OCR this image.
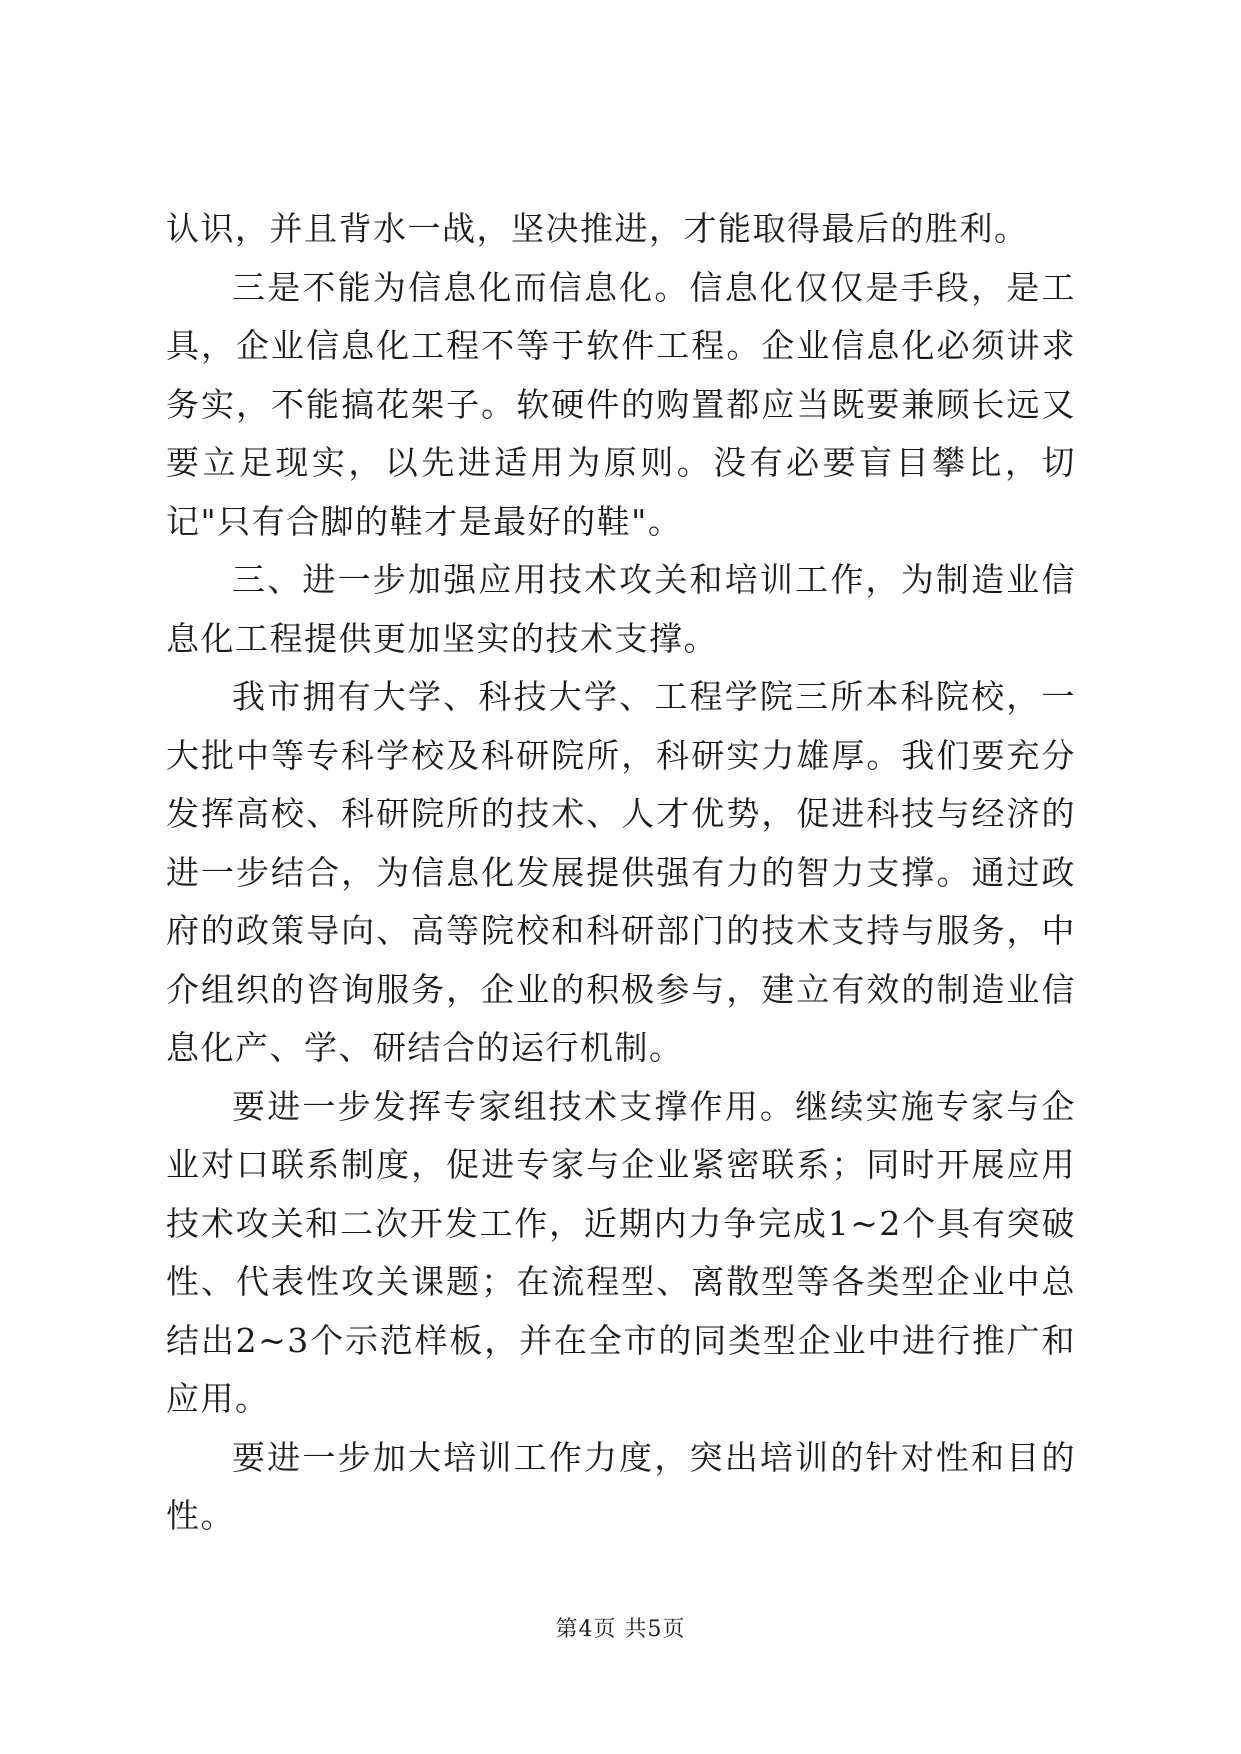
认识，并且背水一战，坚决推进，才能取得最后的胜利。

三是不能为信息化而信息化。信息化仅仅是手段，是工具，企业信息化工程不等于软件工程。企业信息化必须讲求务实，不能搞花架子。软硬件的购置都应当既要兼顾长远又要立足现实，以先进适用为原则。没有必要盲目攀比，切记"只有合脚的鞋才是最好的鞋"。

三、进一步加强应用技术攻关和培训工作，为制造业信息化工程提供更加坚实的技术支撑。

我市拥有大学、科技大学、工程学院三所本科院校，一大批中等专科学校及科研院所，科研实力雄厚。我们要充分发挥高校、科研院所的技术、人才优势，促进科技与经济的进一步结合，为信息化发展提供强有力的智力支撑。通过政府的政策导向、高等院校和科研部门的技术支持与服务，中介组织的咨询服务，企业的积极参与，建立有效的制造业信息化产、学、研结合的运行机制。

要进一步发挥专家组技术支撑作用。继续实施专家与企业对口联系制度，促进专家与企业紧密联系；同时开展应用技术攻关和二次开发工作，近期内力争完成1~2个具有突破性、代表性攻关课题；在流程型、离散型等各类型企业中总结出2~3个示范样板，并在全市的同类型企业中进行推广和应用。

要进一步加大培训工作力度，突出培训的针对性和目的性。

第4页 共5页
